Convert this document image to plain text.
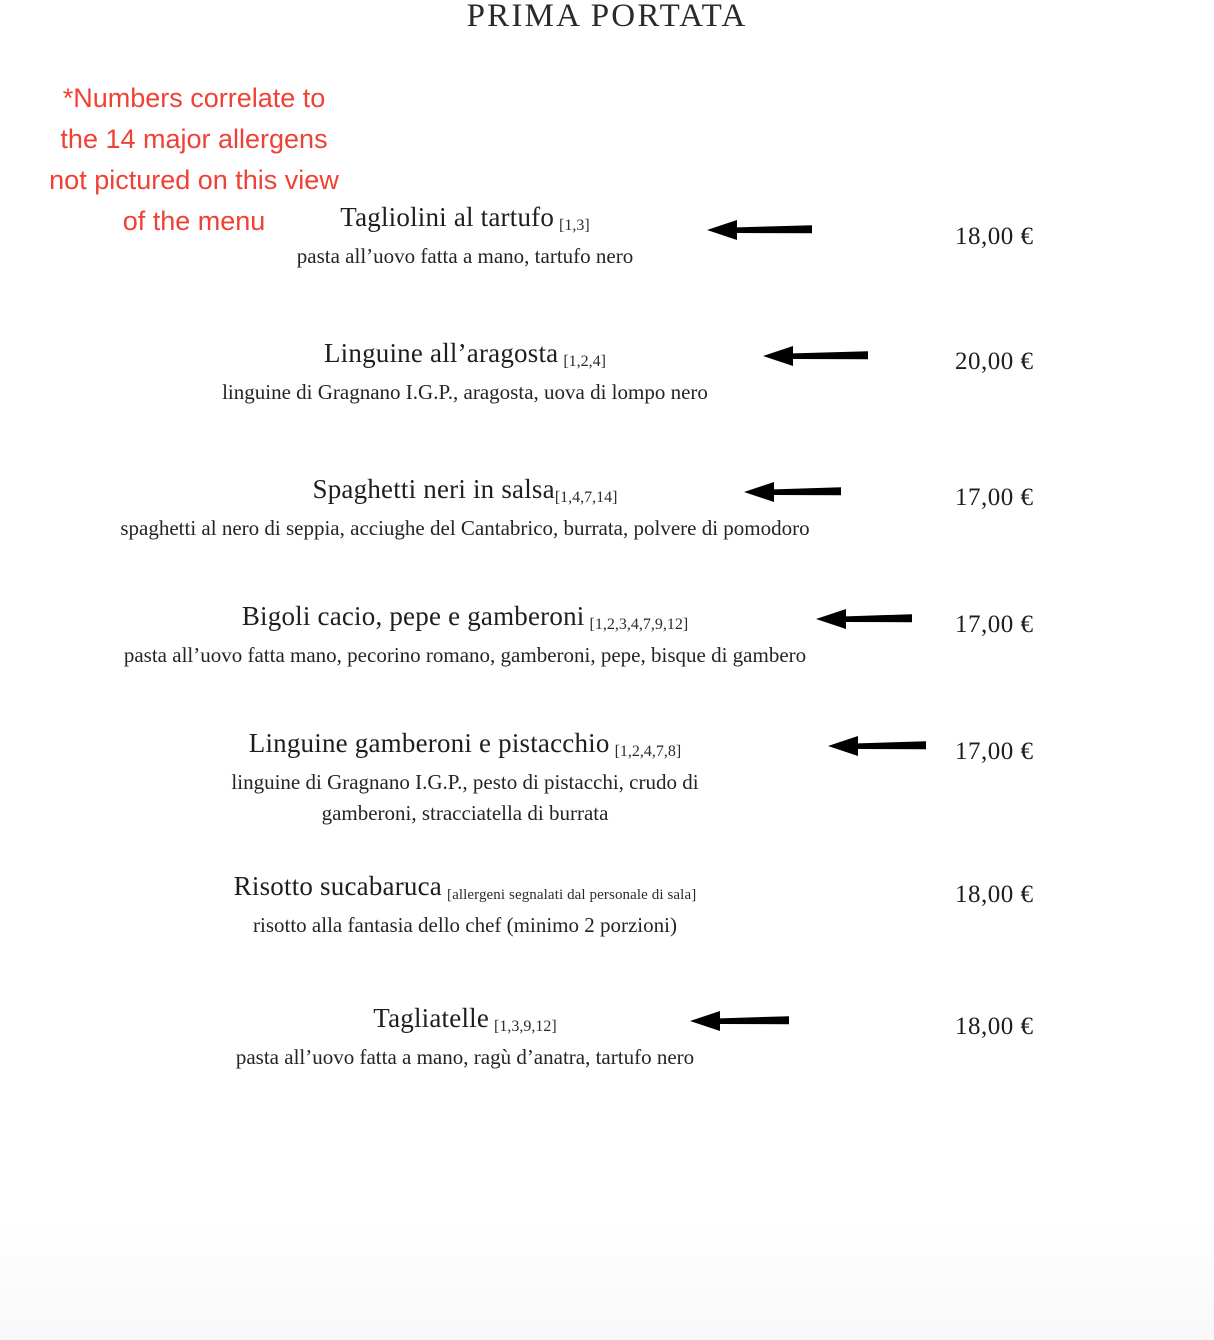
PRIMA PORTATA
*Numbers correlate to the 14 major allergens not pictured on this view of the menu	Tagliolini al tartufo [1,3]
pasta all’uovo fatta a mano, tartufo nero
18,00 €
Linguine all’aragosta [1,2,4]
linguine di Gragnano I.G.P., aragosta, uova di lompo nero
20,00 €
Spaghetti neri in salsa[1,4,7,14]
spaghetti al nero di seppia, acciughe del Cantabrico, burrata, polvere di pomodoro
17,00 €
Bigoli cacio, pepe e gamberoni [1,2,3,4,7,9,12]
pasta all’uovo fatta mano, pecorino romano, gamberoni, pepe, bisque di gambero
17,00 €
Linguine gamberoni e pistacchio [1,2,4,7,8]
linguine di Gragnano I.G.P., pesto di pistacchi, crudo di gamberoni, stracciatella di burrata
17,00 €
Risotto sucabaruca [allergeni segnalati dal personale di sala]
risotto alla fantasia dello chef (minimo 2 porzioni)
18,00 €
Tagliatelle [1,3,9,12]
pasta all’uovo fatta a mano, ragù d’anatra, tartufo nero
18,00 €
